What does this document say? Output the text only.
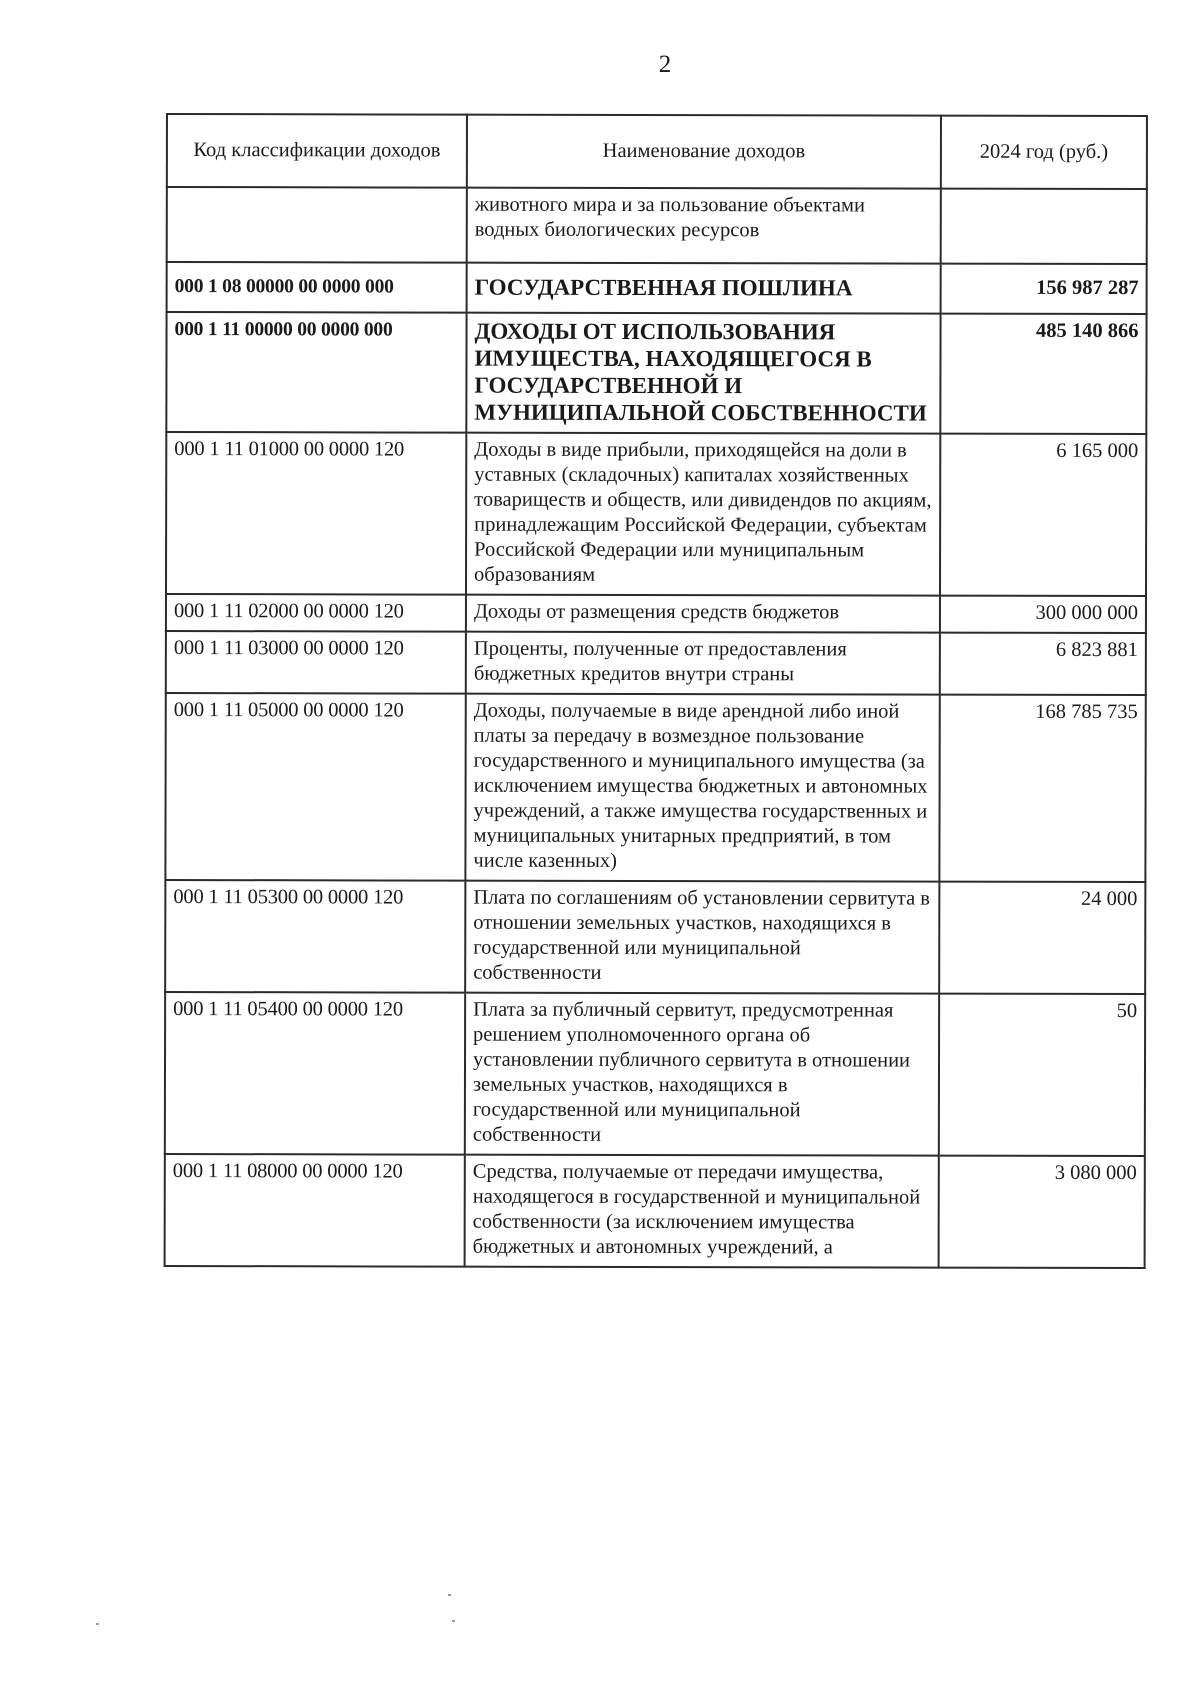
2
Код классификации доходов	Наименование доходов	2024 год (руб.)
	животного мира и за пользование объектами водных биологических ресурсов	
000 1 08 00000 00 0000 000	ГОСУДАРСТВЕННАЯ ПОШЛИНА	156 987 287
000 1 11 00000 00 0000 000	ДОХОДЫ ОТ ИСПОЛЬЗОВАНИЯ ИМУЩЕСТВА, НАХОДЯЩЕГОСЯ В ГОСУДАРСТВЕННОЙ И МУНИЦИПАЛЬНОЙ СОБСТВЕННОСТИ	485 140 866
000 1 11 01000 00 0000 120	Доходы в виде прибыли, приходящейся на доли в уставных (складочных) капиталах хозяйственных товариществ и обществ, или дивидендов по акциям, принадлежащим Российской Федерации, субъектам Российской Федерации или муниципальным образованиям	6 165 000
000 1 11 02000 00 0000 120	Доходы от размещения средств бюджетов	300 000 000
000 1 11 03000 00 0000 120	Проценты, полученные от предоставления бюджетных кредитов внутри страны	6 823 881
000 1 11 05000 00 0000 120	Доходы, получаемые в виде арендной либо иной платы за передачу в возмездное пользование государственного и муниципального имущества (за исключением имущества бюджетных и автономных учреждений, а также имущества государственных и муниципальных унитарных предприятий, в том числе казенных)	168 785 735
000 1 11 05300 00 0000 120	Плата по соглашениям об установлении сервитута в отношении земельных участков, находящихся в государственной или муниципальной собственности	24 000
000 1 11 05400 00 0000 120	Плата за публичный сервитут, предусмотренная решением уполномоченного органа об установлении публичного сервитута в отношении земельных участков, находящихся в государственной или муниципальной собственности	50
000 1 11 08000 00 0000 120	Средства, получаемые от передачи имущества, находящегося в государственной и муниципальной собственности (за исключением имущества бюджетных и автономных учреждений, а	3 080 000
